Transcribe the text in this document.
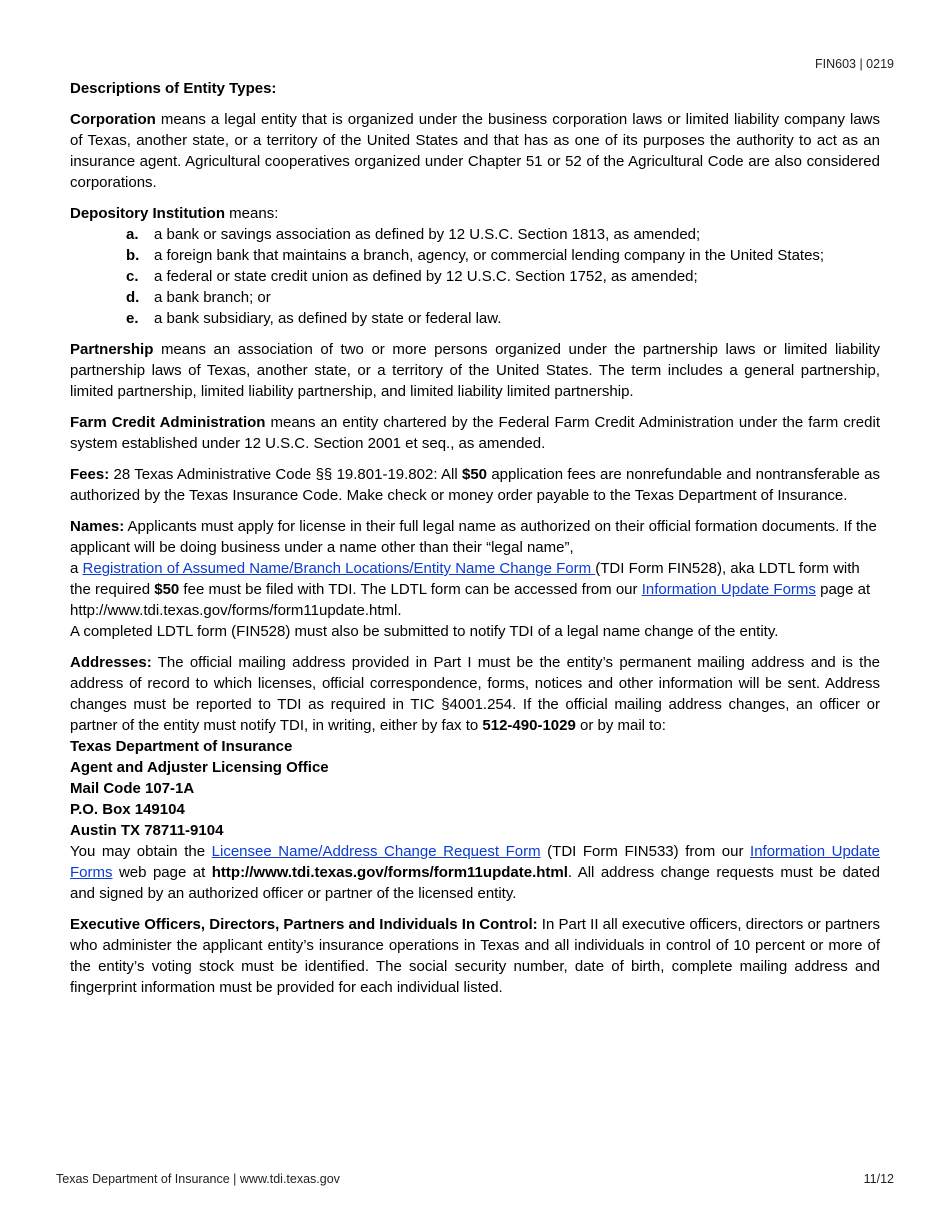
FIN603 | 0219

Descriptions of Entity Types:

Corporation means a legal entity that is organized under the business corporation laws or limited liability company laws of Texas, another state, or a territory of the United States and that has as one of its purposes the authority to act as an insurance agent. Agricultural cooperatives organized under Chapter 51 or 52 of the Agricultural Code are also considered corporations.

Depository Institution means:

a. a bank or savings association as defined by 12 U.S.C. Section 1813, as amended;
b. a foreign bank that maintains a branch, agency, or commercial lending company in the United States;
c. a federal or state credit union as defined by 12 U.S.C. Section 1752, as amended;
d. a bank branch; or
e. a bank subsidiary, as defined by state or federal law.

Partnership means an association of two or more persons organized under the partnership laws or limited liability partnership laws of Texas, another state, or a territory of the United States. The term includes a general partnership, limited partnership, limited liability partnership, and limited liability limited partnership.

Farm Credit Administration means an entity chartered by the Federal Farm Credit Administration under the farm credit system established under 12 U.S.C. Section 2001 et seq., as amended.

Fees: 28 Texas Administrative Code §§ 19.801-19.802: All $50 application fees are nonrefundable and nontransferable as authorized by the Texas Insurance Code. Make check or money order payable to the Texas Department of Insurance.

Names: Applicants must apply for license in their full legal name as authorized on their official formation documents. If the applicant will be doing business under a name other than their “legal name”,
a Registration of Assumed Name/Branch Locations/Entity Name Change Form (TDI Form FIN528), aka LDTL form with the required $50 fee must be filed with TDI. The LDTL form can be accessed from our Information Update Forms page at http://www.tdi.texas.gov/forms/form11update.html.
A completed LDTL form (FIN528) must also be submitted to notify TDI of a legal name change of the entity.

Addresses: The official mailing address provided in Part I must be the entity’s permanent mailing address and is the address of record to which licenses, official correspondence, forms, notices and other information will be sent. Address changes must be reported to TDI as required in TIC §4001.254. If the official mailing address changes, an officer or partner of the entity must notify TDI, in writing, either by fax to 512-490-1029 or by mail to:

Texas Department of Insurance
Agent and Adjuster Licensing Office
Mail Code 107-1A
P.O. Box 149104
Austin TX 78711-9104

You may obtain the Licensee Name/Address Change Request Form (TDI Form FIN533) from our Information Update Forms web page at http://www.tdi.texas.gov/forms/form11update.html. All address change requests must be dated and signed by an authorized officer or partner of the licensed entity.

Executive Officers, Directors, Partners and Individuals In Control: In Part II all executive officers, directors or partners who administer the applicant entity’s insurance operations in Texas and all individuals in control of 10 percent or more of the entity’s voting stock must be identified. The social security number, date of birth, complete mailing address and fingerprint information must be provided for each individual listed.

Texas Department of Insurance | www.tdi.texas.gov	11/12
